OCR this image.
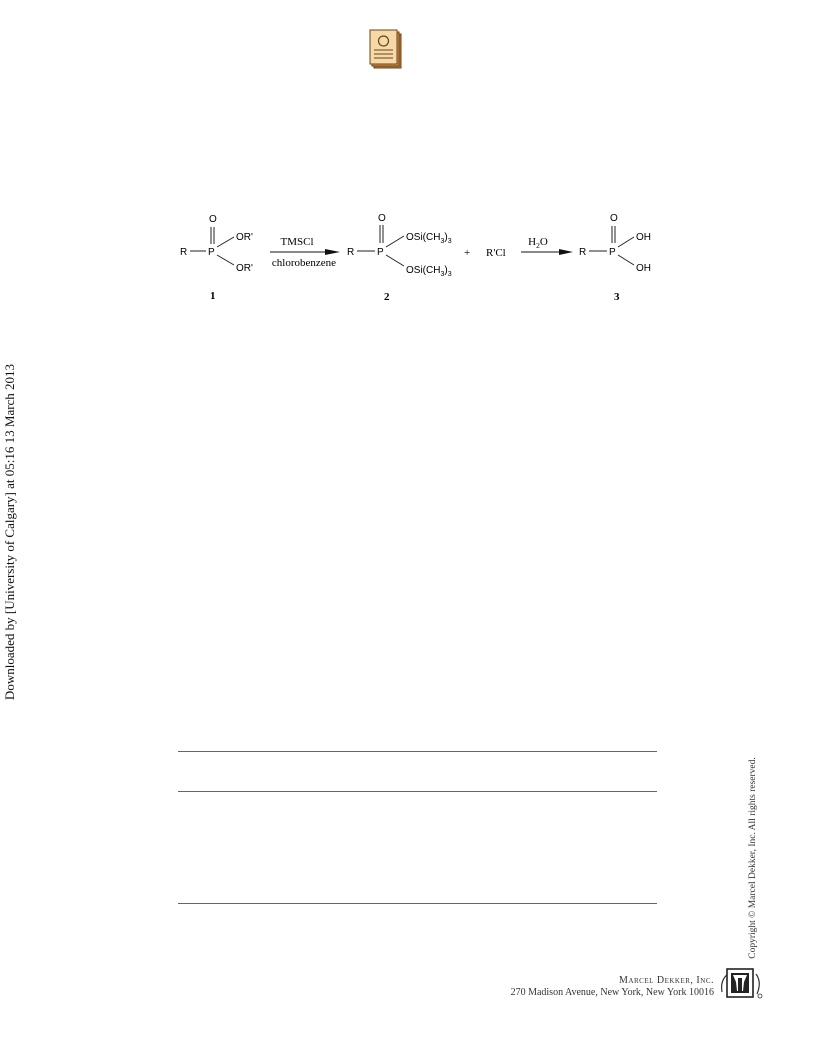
Downloaded by [University of Calgary] at 05:16 13 March 2013
R P
O
OR'
OR'
1
TMSCl
chlorobenzene
R P
O
$OSi(CH_3)_3$
$OSi(CH_3)_3$
2
+ R'Cl
$H_2O$
R P
O
OH
OH
3
Copyright © Marcel Dekker, Inc. All rights reserved.
Marcel Dekker, Inc.
270 Madison Avenue, New York, New York 10016
